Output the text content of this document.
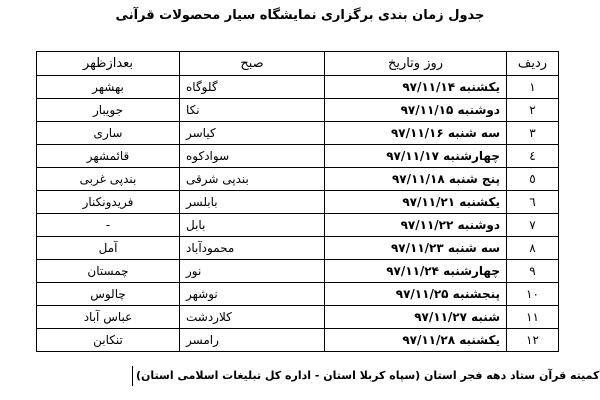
جدول زمان بندی برگزاری نمایشگاه سیار محصولات قرآنی
ردیف	روز وتاریخ	صبح	بعدازظهر
۱	یکشنبه ۹۷/۱۱/۱۴	گلوگاه	بهشهر
۲	دوشنبه ۹۷/۱۱/۱۵	نکا	جویبار
۳	سه شنبه ۹۷/۱۱/۱۶	کیاسر	ساری
٤	چهارشنبه ۹۷/۱۱/۱۷	سوادکوه	قائمشهر
٥	پنج شنبه ۹۷/۱۱/۱۸	بندپی شرقی	بندپی غربی
٦	یکشنبه ۹۷/۱۱/۲۱	بابلسر	فریدونکنار
۷	دوشنبه ۹۷/۱۱/۲۲	بابل	-
۸	سه شنبه ۹۷/۱۱/۲۳	محمودآباد	آمل
۹	چهارشنبه ۹۷/۱۱/۲۴	نور	چمستان
۱۰	پنجشنبه ۹۷/۱۱/۲۵	نوشهر	چالوس
۱۱	شنبه ۹۷/۱۱/۲۷	کلاردشت	عباس آباد
۱۲	یکشنبه ۹۷/۱۱/۲۸	رامسر	تنکابن
کمیته قرآن ستاد دهه فجر استان (سپاه کربلا استان - اداره کل تبلیغات اسلامی استان)
